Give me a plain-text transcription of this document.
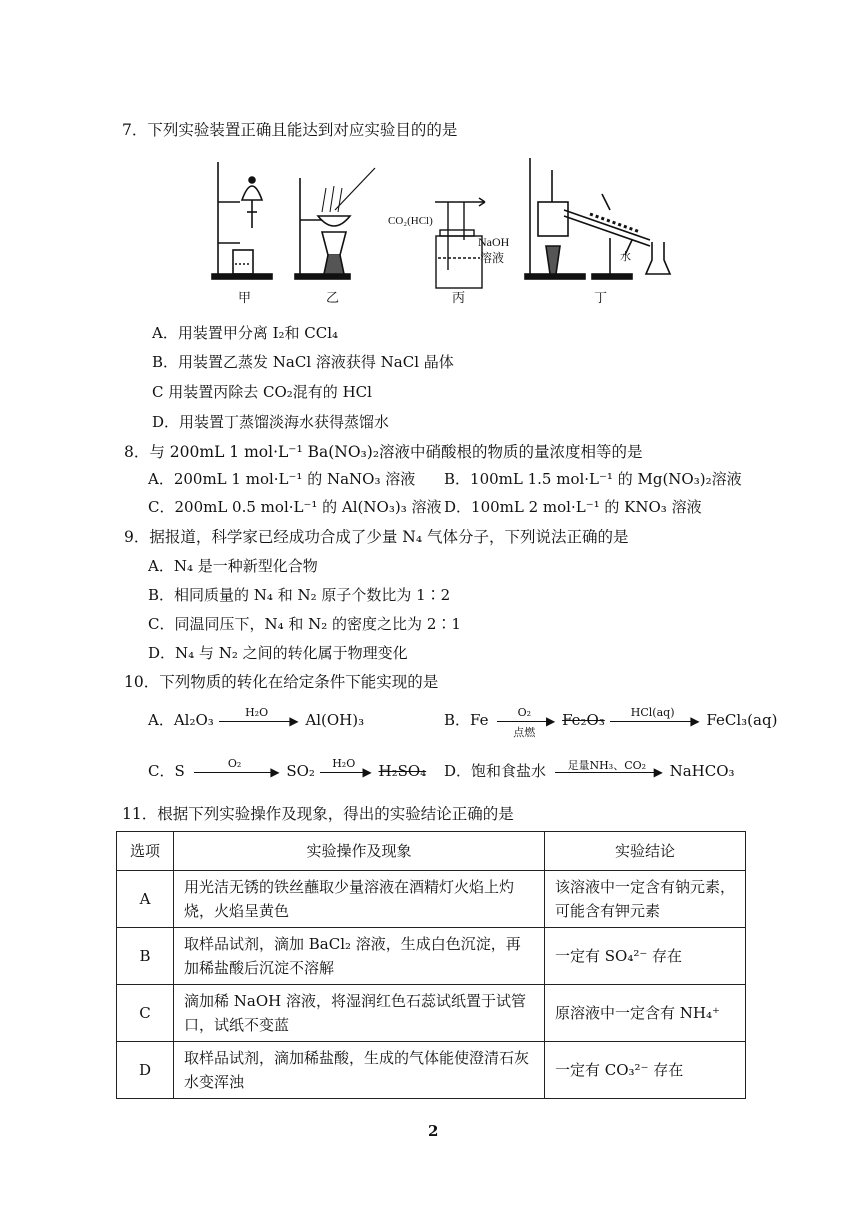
7．下列实验装置正确且能达到对应实验目的的是
CO₂(HCl)
NaOH
溶液	水
甲	乙	丙	丁
A．用装置甲分离 I₂和 CCl₄
B．用装置乙蒸发 NaCl 溶液获得 NaCl 晶体
C 用装置丙除去 CO₂混有的 HCl
D．用装置丁蒸馏淡海水获得蒸馏水
8．与 200mL 1 mol·L⁻¹ Ba(NO₃)₂溶液中硝酸根的物质的量浓度相等的是
A．200mL 1 mol·L⁻¹ 的 NaNO₃ 溶液 B．100mL 1.5 mol·L⁻¹ 的 Mg(NO₃)₂溶液
C．200mL 0.5 mol·L⁻¹ 的 Al(NO₃)₃ 溶液 D．100mL 2 mol·L⁻¹ 的 KNO₃ 溶液
9．据报道，科学家已经成功合成了少量 N₄ 气体分子，下列说法正确的是
A．N₄ 是一种新型化合物
B．相同质量的 N₄ 和 N₂ 原子个数比为 1∶2
C．同温同压下，N₄ 和 N₂ 的密度之比为 2∶1
D．N₄ 与 N₂ 之间的转化属于物理变化
10．下列物质的转化在给定条件下能实现的是
A．Al₂O₃	H₂O
▶ Al(OH)₃	B．Fe	O₂
▶
点燃
Fe₂O₃	HCl(aq)
▶ FeCl₃(aq)
C．S	O₂
▶ SO₂	H₂O
▶ H₂SO₄ D．饱和食盐水	足量NH₃、CO₂ ▶ NaHCO₃
11．根据下列实验操作及现象，得出的实验结论正确的是
选项	实验操作及现象	实验结论
A	用光洁无锈的铁丝蘸取少量溶液在酒精灯火焰上灼烧，火焰呈黄色	该溶液中一定含有钠元素，可能含有钾元素
B	取样品试剂，滴加 BaCl₂ 溶液，生成白色沉淀，再加稀盐酸后沉淀不溶解	一定有 SO₄²⁻ 存在
C	滴加稀 NaOH 溶液，将湿润红色石蕊试纸置于试管口，试纸不变蓝	原溶液中一定含有 NH₄⁺
D	取样品试剂，滴加稀盐酸，生成的气体能使澄清石灰水变浑浊	一定有 CO₃²⁻ 存在
2
